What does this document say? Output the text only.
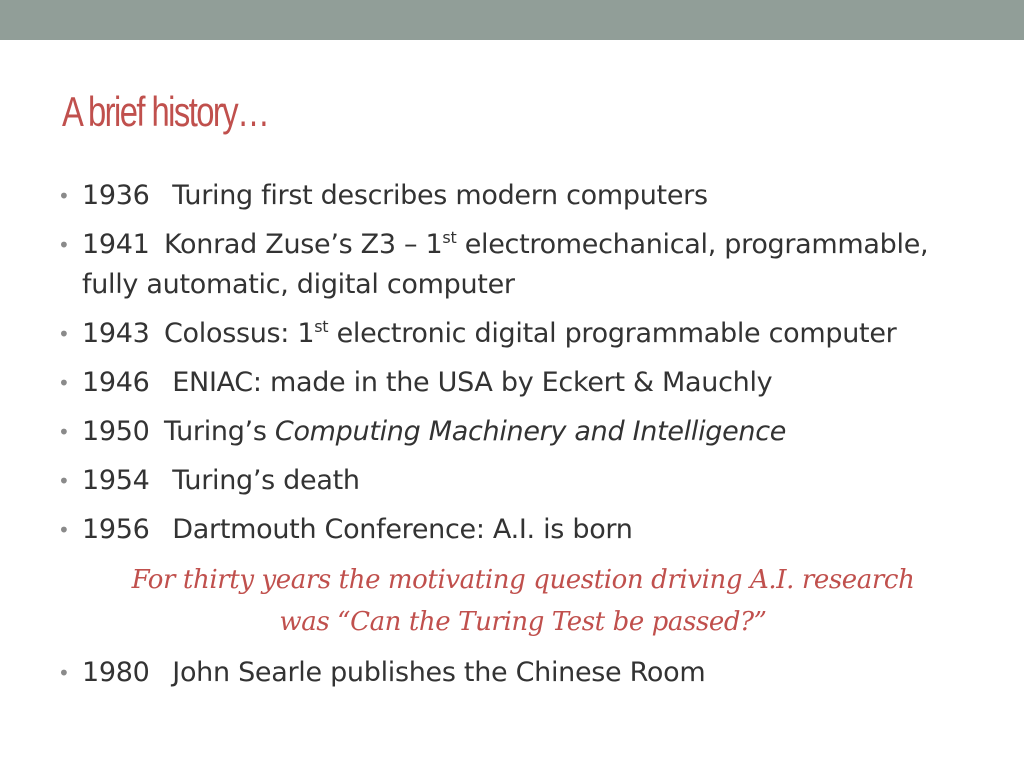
A brief history…
• 1936 Turing first describes modern computers
• 1941 Konrad Zuse’s Z3 – 1st electromechanical, programmable, fully automatic, digital computer
• 1943 Colossus: 1st electronic digital programmable computer
• 1946 ENIAC: made in the USA by Eckert & Mauchly
• 1950 Turing’s Computing Machinery and Intelligence
• 1954 Turing’s death
• 1956 Dartmouth Conference: A.I. is born
For thirty years the motivating question driving A.I. research
was “Can the Turing Test be passed?”
• 1980 John Searle publishes the Chinese Room
